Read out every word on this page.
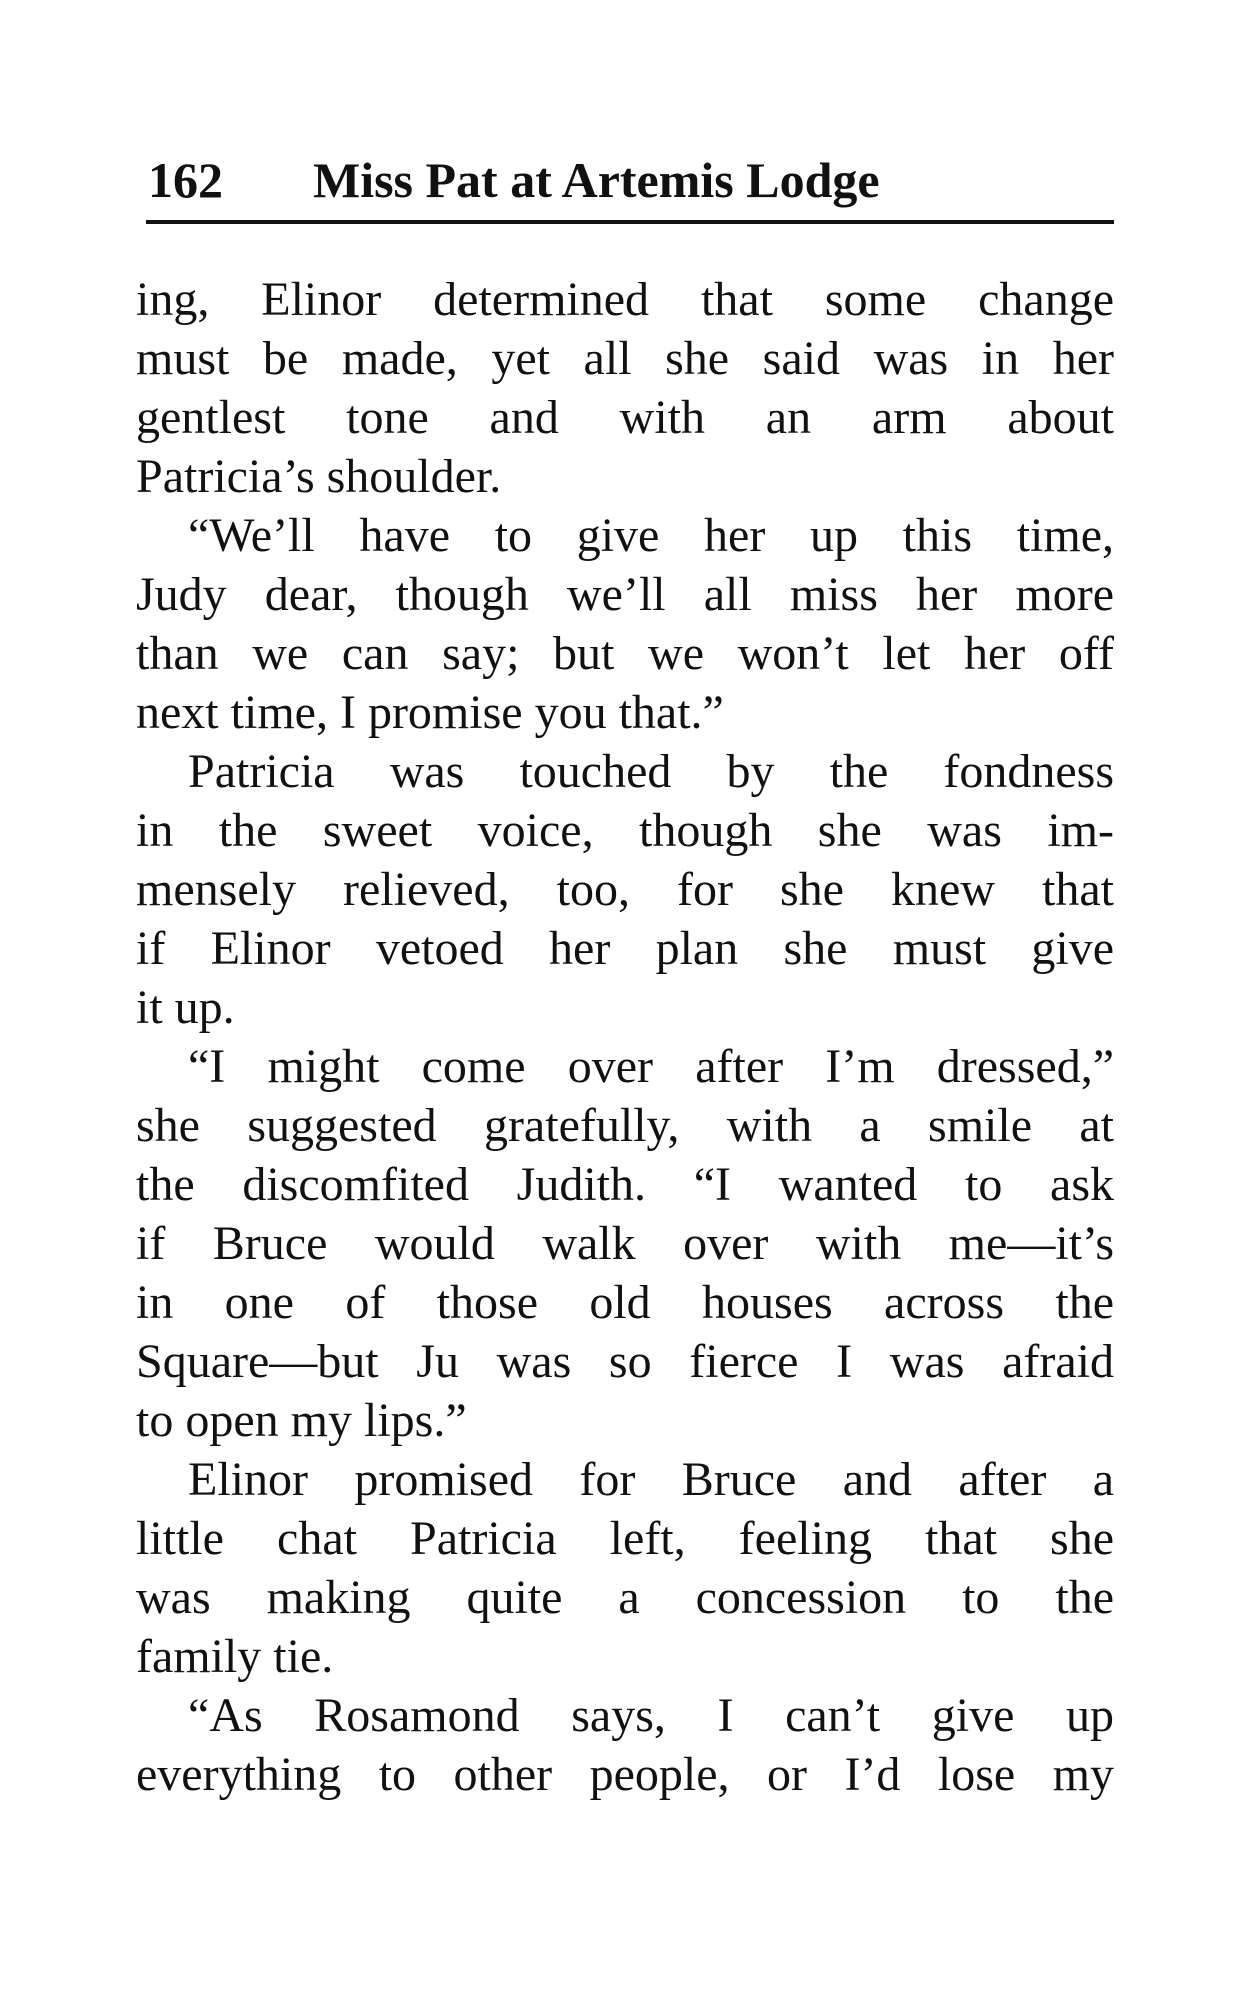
162 Miss Pat at Artemis Lodge
ing, Elinor determined that some change
must be made, yet all she said was in her
gentlest tone and with an arm about
Patricia’s shoulder.
“We’ll have to give her up this time,
Judy dear, though we’ll all miss her more
than we can say; but we won’t let her off
next time, I promise you that.”
Patricia was touched by the fondness
in the sweet voice, though she was im-
mensely relieved, too, for she knew that
if Elinor vetoed her plan she must give
it up.
“I might come over after I’m dressed,”
she suggested gratefully, with a smile at
the discomfited Judith. “I wanted to ask
if Bruce would walk over with me—it’s
in one of those old houses across the
Square—but Ju was so fierce I was afraid
to open my lips.”
Elinor promised for Bruce and after a
little chat Patricia left, feeling that she
was making quite a concession to the
family tie.
“As Rosamond says, I can’t give up
everything to other people, or I’d lose my
